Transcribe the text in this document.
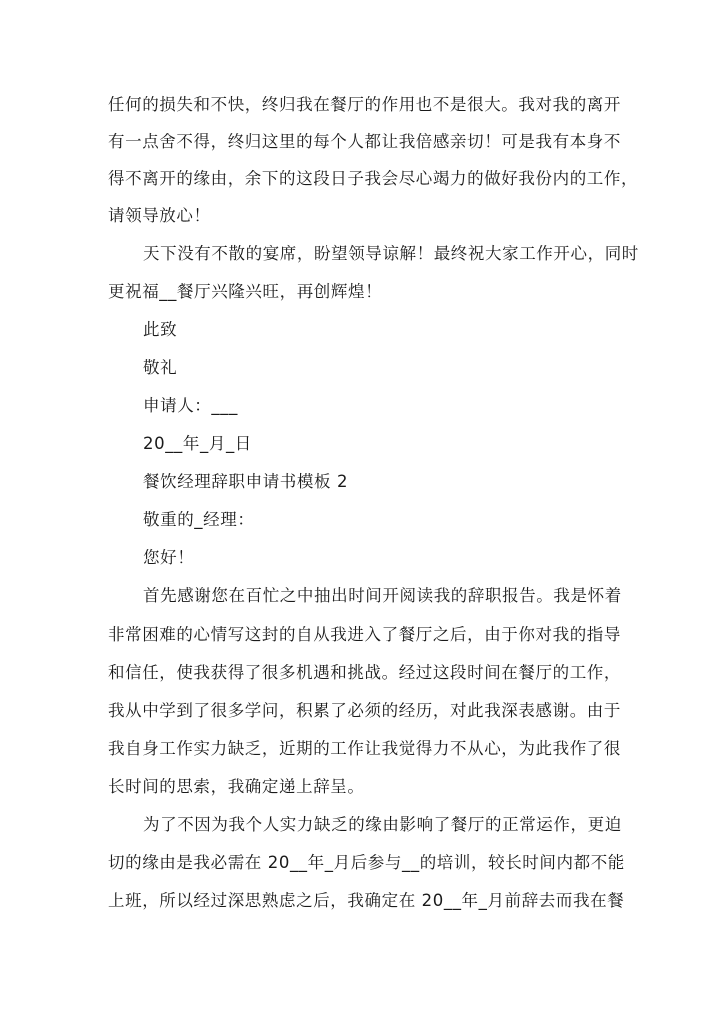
任何的损失和不快，终归我在餐厅的作用也不是很大。我对我的离开
有一点舍不得，终归这里的每个人都让我倍感亲切！可是我有本身不
得不离开的缘由，余下的这段日子我会尽心竭力的做好我份内的工作，
请领导放心！
天下没有不散的宴席，盼望领导谅解！最终祝大家工作开心，同时
更祝福__餐厅兴隆兴旺，再创辉煌！
此致
敬礼
申请人：___
20__年_月_日
餐饮经理辞职申请书模板 2
敬重的_经理：
您好！
首先感谢您在百忙之中抽出时间开阅读我的辞职报告。我是怀着
非常困难的心情写这封的自从我进入了餐厅之后，由于你对我的指导
和信任，使我获得了很多机遇和挑战。经过这段时间在餐厅的工作，
我从中学到了很多学问，积累了必须的经历，对此我深表感谢。由于
我自身工作实力缺乏，近期的工作让我觉得力不从心，为此我作了很
长时间的思索，我确定递上辞呈。
为了不因为我个人实力缺乏的缘由影响了餐厅的正常运作，更迫
切的缘由是我必需在 20__年_月后参与__的培训，较长时间内都不能
上班，所以经过深思熟虑之后，我确定在 20__年_月前辞去而我在餐
